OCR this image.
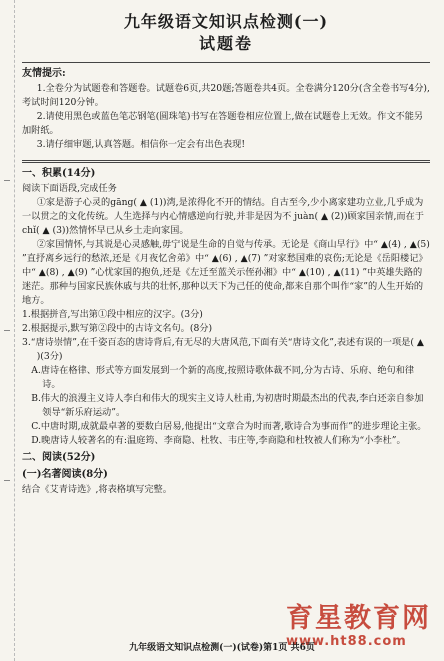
九年级语文知识点检测(一)
试题卷
友情提示:

1.全卷分为试题卷和答题卷。试题卷6页,共20题;答题卷共4页。全卷满分120分(含全卷书写4分),考试时间120分钟。

2.请使用黑色或蓝色笔芯钢笔(圆珠笔)书写在答题卷相应位置上,做在试题卷上无效。作文不能另加附纸。

3.请仔细审题,认真答题。相信你一定会有出色表现!

一、积累(14分)

阅读下面语段,完成任务

①家是游子心灵的gāng( ▲ (1))湾,是浓得化不开的情结。自古至今,少小离家建功立业,几乎成为一以贯之的文化传统。人生选择与内心情感逆向行驶,并非是因为不 juàn( ▲ (2))顾家国亲情,而在于chǐ( ▲ (3))然情怀早已从乡土走向家国。

②家国情怀,与其说是心灵感触,毋宁说是生命的自觉与传承。无论是《商山早行》中“ ▲(4) , ▲(5) ”直抒离乡远行的愁浓,还是《月夜忆舍弟》中“ ▲(6) , ▲(7) ”对家愁国难的哀伤;无论是《岳阳楼记》中“ ▲(8) , ▲(9) ”心忧家国的抱负,还是《左迁至蓝关示侄孙湘》中“ ▲(10) , ▲(11) ”中英雄失路的迷茫。那种与国家民族休戚与共的壮怀,那种以天下为己任的使命,都来自那个叫作“家”的人生开始的地方。

1.根据拼音,写出第①段中相应的汉字。(3分)

2.根据提示,默写第②段中的古诗文名句。(8分)

3.“唐诗崇情”,在千姿百态的唐诗背后,有无尽的大唐风范,下面有关“唐诗文化”,表述有误的一项是( ▲ )(3分)

A.唐诗在格律、形式等方面发展到一个新的高度,按照诗歌体裁不同,分为古诗、乐府、绝句和律诗。

B.伟大的浪漫主义诗人李白和伟大的现实主义诗人杜甫,为初唐时期最杰出的代表,李白还亲自参加领导“新乐府运动”。

C.中唐时期,成就最卓著的要数白居易,他提出“文章合为时而著,歌诗合为事而作”的进步理论主张。

D.晚唐诗人较著名的有:温庭筠、李商隐、杜牧、韦庄等,李商隐和杜牧被人们称为“小李杜”。

二、阅读(52分)
(一)名著阅读(8分)

结合《艾青诗选》,将表格填写完整。

育星教育网
www.ht88.com
九年级语文知识点检测(一)(试卷)第1页 共6页
